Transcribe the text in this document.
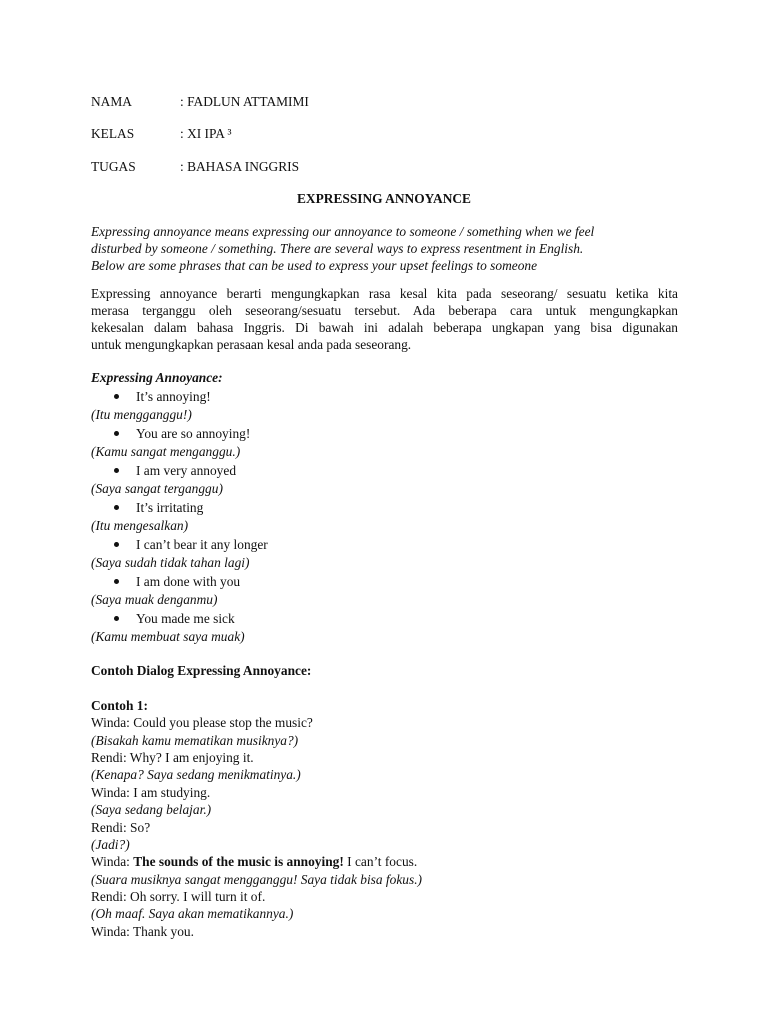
NAMA	: FADLUN ATTAMIMI
KELAS	: XI IPA ³
TUGAS	: BAHASA INGGRIS
EXPRESSING ANNOYANCE
Expressing annoyance means expressing our annoyance to someone / something when we feel
disturbed by someone / something. There are several ways to express resentment in English.
Below are some phrases that can be used to express your upset feelings to someone
Expressing annoyance berarti mengungkapkan rasa kesal kita pada seseorang/ sesuatu ketika kita
merasa terganggu oleh seseorang/sesuatu tersebut. Ada beberapa cara untuk mengungkapkan
kekesalan dalam bahasa Inggris. Di bawah ini adalah beberapa ungkapan yang bisa digunakan
untuk mengungkapkan perasaan kesal anda pada seseorang.
Expressing Annoyance:
It’s annoying!
(Itu mengganggu!)
You are so annoying!
(Kamu sangat menganggu.)
I am very annoyed
(Saya sangat terganggu)
It’s irritating
(Itu mengesalkan)
I can’t bear it any longer
(Saya sudah tidak tahan lagi)
I am done with you
(Saya muak denganmu)
You made me sick
(Kamu membuat saya muak)
Contoh Dialog Expressing Annoyance:
Contoh 1:
Winda: Could you please stop the music?
(Bisakah kamu mematikan musiknya?)
Rendi: Why? I am enjoying it.
(Kenapa? Saya sedang menikmatinya.)
Winda: I am studying.
(Saya sedang belajar.)
Rendi: So?
(Jadi?)
Winda: The sounds of the music is annoying! I can’t focus.
(Suara musiknya sangat mengganggu! Saya tidak bisa fokus.)
Rendi: Oh sorry. I will turn it of.
(Oh maaf. Saya akan mematikannya.)
Winda: Thank you.
